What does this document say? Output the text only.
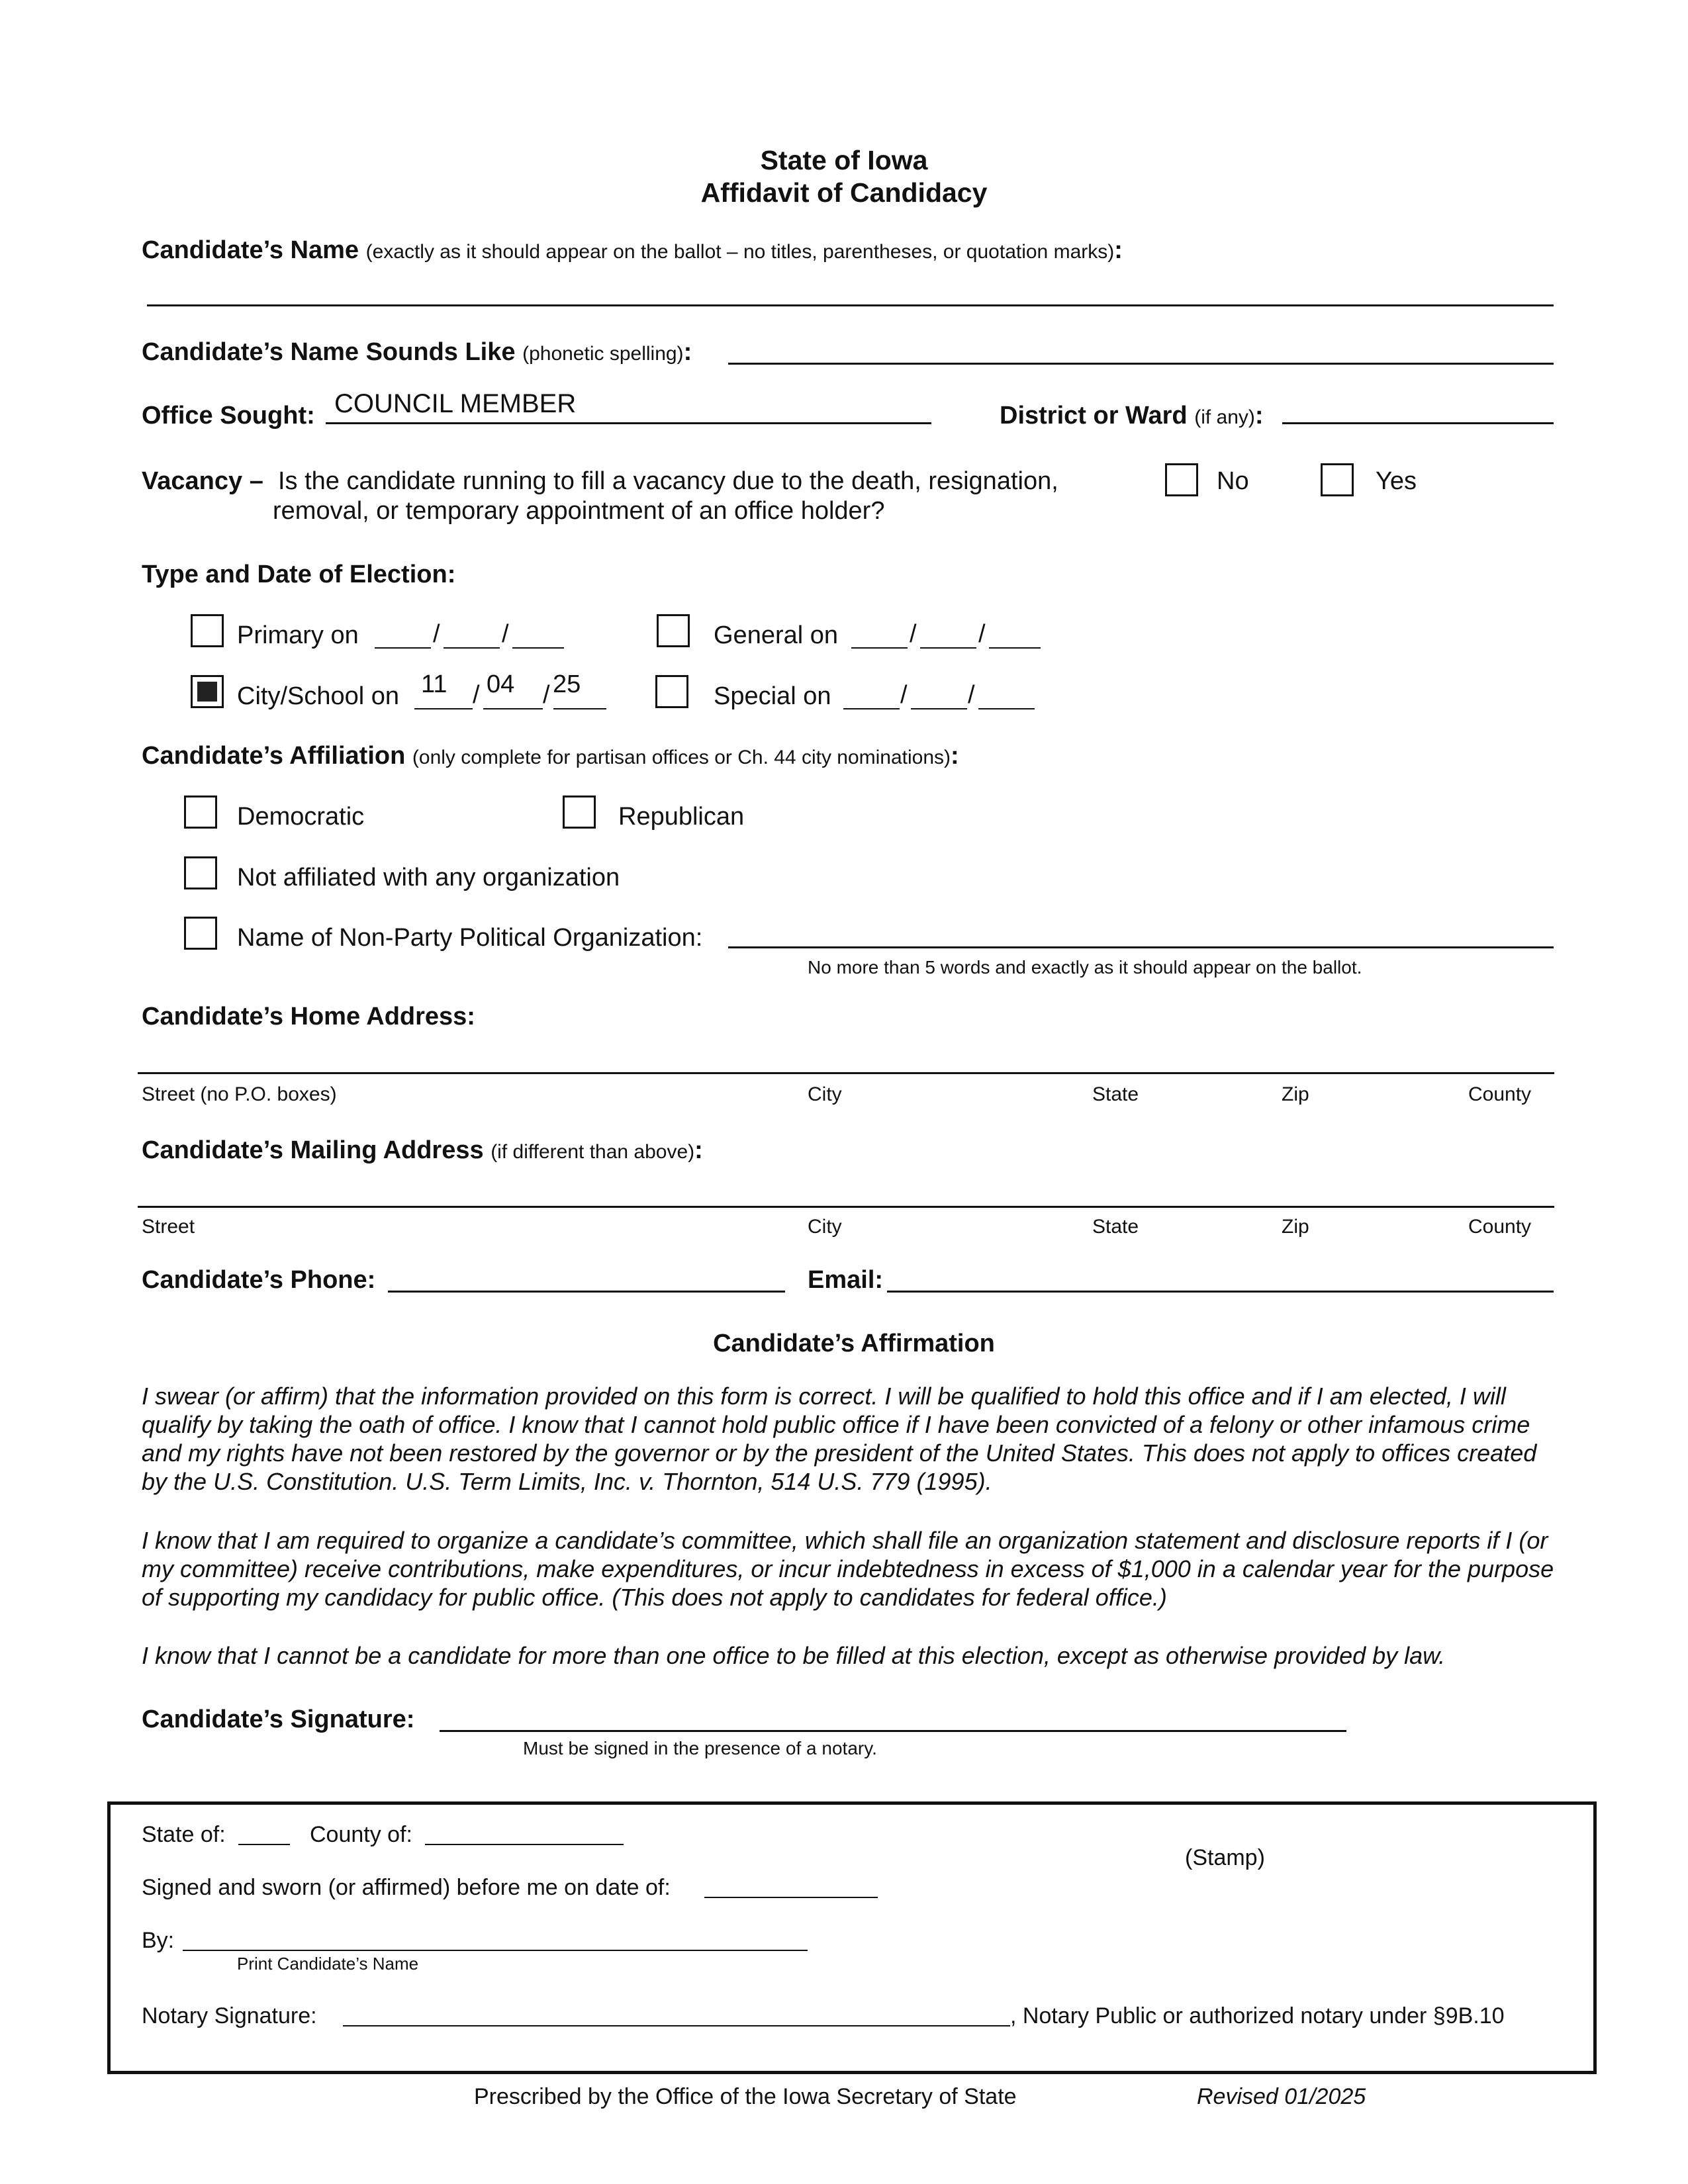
State of Iowa
Affidavit of Candidacy
Candidate’s Name (exactly as it should appear on the ballot – no titles, parentheses, or quotation marks):
Candidate’s Name Sounds Like (phonetic spelling):
Office Sought: COUNCIL MEMBER	District or Ward (if any):
Vacancy – Is the candidate running to fill a vacancy due to the death, resignation,
removal, or temporary appointment of an office holder?
No	Yes
Type and Date of Election:
Primary on	/ /	General on	/ /
City/School on 11 / 04 / 25	Special on	/ /
Candidate’s Affiliation (only complete for partisan offices or Ch. 44 city nominations):
Democratic	Republican
Not affiliated with any organization
Name of Non-Party Political Organization:
No more than 5 words and exactly as it should appear on the ballot.
Candidate’s Home Address:
Street (no P.O. boxes)	City	State	Zip	County
Candidate’s Mailing Address (if different than above):
Street	City	State	Zip	County
Candidate’s Phone:	Email:
Candidate’s Affirmation
I swear (or affirm) that the information provided on this form is correct. I will be qualified to hold this office and if I am elected, I will qualify by taking the oath of office. I know that I cannot hold public office if I have been convicted of a felony or other infamous crime and my rights have not been restored by the governor or by the president of the United States. This does not apply to offices created by the U.S. Constitution. U.S. Term Limits, Inc. v. Thornton, 514 U.S. 779 (1995).
I know that I am required to organize a candidate’s committee, which shall file an organization statement and disclosure reports if I (or my committee) receive contributions, make expenditures, or incur indebtedness in excess of $1,000 in a calendar year for the purpose of supporting my candidacy for public office. (This does not apply to candidates for federal office.)
I know that I cannot be a candidate for more than one office to be filled at this election, except as otherwise provided by law.
Candidate’s Signature:
Must be signed in the presence of a notary.
State of:	County of:
(Stamp)
Signed and sworn (or affirmed) before me on date of:
By:
Print Candidate’s Name
Notary Signature:	, Notary Public or authorized notary under §9B.10
Prescribed by the Office of the Iowa Secretary of State	Revised 01/2025
